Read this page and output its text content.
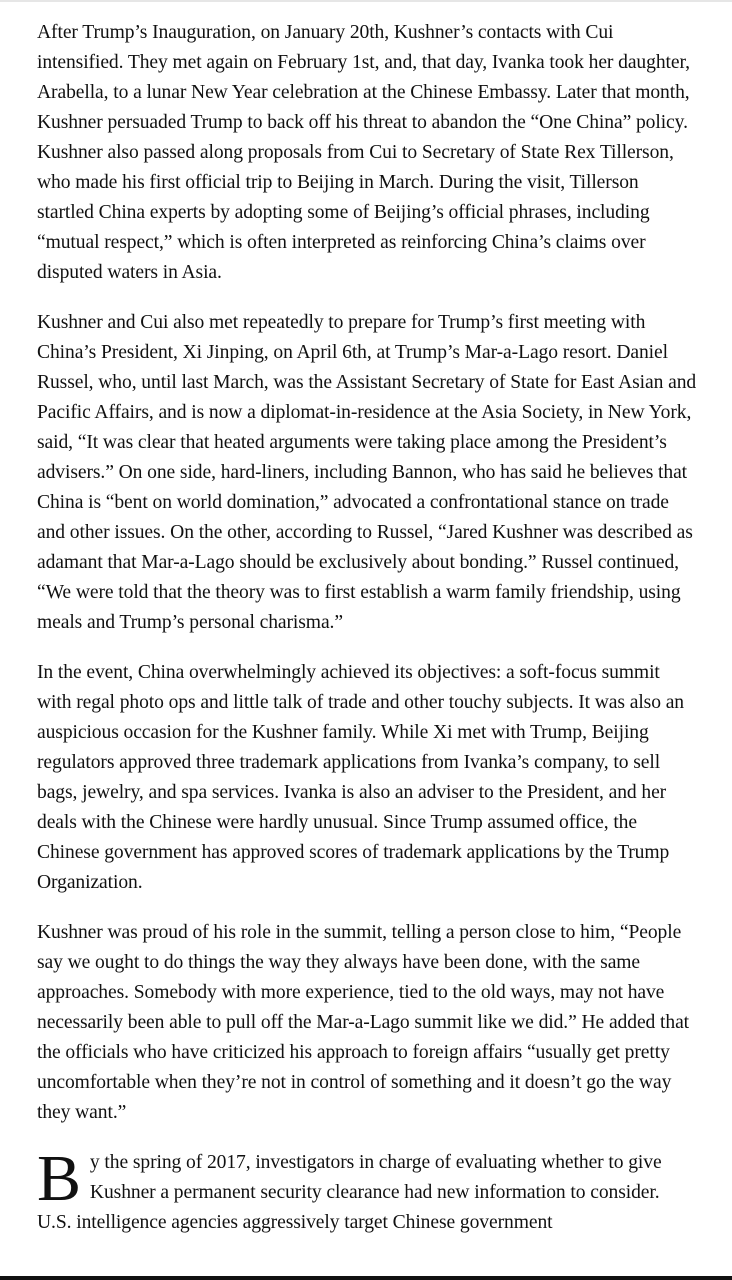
After Trump’s Inauguration, on January 20th, Kushner’s contacts with Cui intensified. They met again on February 1st, and, that day, Ivanka took her daughter, Arabella, to a lunar New Year celebration at the Chinese Embassy. Later that month, Kushner persuaded Trump to back off his threat to abandon the “One China” policy. Kushner also passed along proposals from Cui to Secretary of State Rex Tillerson, who made his first official trip to Beijing in March. During the visit, Tillerson startled China experts by adopting some of Beijing’s official phrases, including “mutual respect,” which is often interpreted as reinforcing China’s claims over disputed waters in Asia.

Kushner and Cui also met repeatedly to prepare for Trump’s first meeting with China’s President, Xi Jinping, on April 6th, at Trump’s Mar-a-Lago resort. Daniel Russel, who, until last March, was the Assistant Secretary of State for East Asian and Pacific Affairs, and is now a diplomat-in-residence at the Asia Society, in New York, said, “It was clear that heated arguments were taking place among the President’s advisers.” On one side, hard-liners, including Bannon, who has said he believes that China is “bent on world domination,” advocated a confrontational stance on trade and other issues. On the other, according to Russel, “Jared Kushner was described as adamant that Mar-a-Lago should be exclusively about bonding.” Russel continued, “We were told that the theory was to first establish a warm family friendship, using meals and Trump’s personal charisma.”

In the event, China overwhelmingly achieved its objectives: a soft-focus summit with regal photo ops and little talk of trade and other touchy subjects. It was also an auspicious occasion for the Kushner family. While Xi met with Trump, Beijing regulators approved three trademark applications from Ivanka’s company, to sell bags, jewelry, and spa services. Ivanka is also an adviser to the President, and her deals with the Chinese were hardly unusual. Since Trump assumed office, the Chinese government has approved scores of trademark applications by the Trump Organization.

Kushner was proud of his role in the summit, telling a person close to him, “People say we ought to do things the way they always have been done, with the same approaches. Somebody with more experience, tied to the old ways, may not have necessarily been able to pull off the Mar-a-Lago summit like we did.” He added that the officials who have criticized his approach to foreign affairs “usually get pretty uncomfortable when they’re not in control of something and it doesn’t go the way they want.”

By the spring of 2017, investigators in charge of evaluating whether to give Kushner a permanent security clearance had new information to consider. U.S. intelligence agencies aggressively target Chinese government
